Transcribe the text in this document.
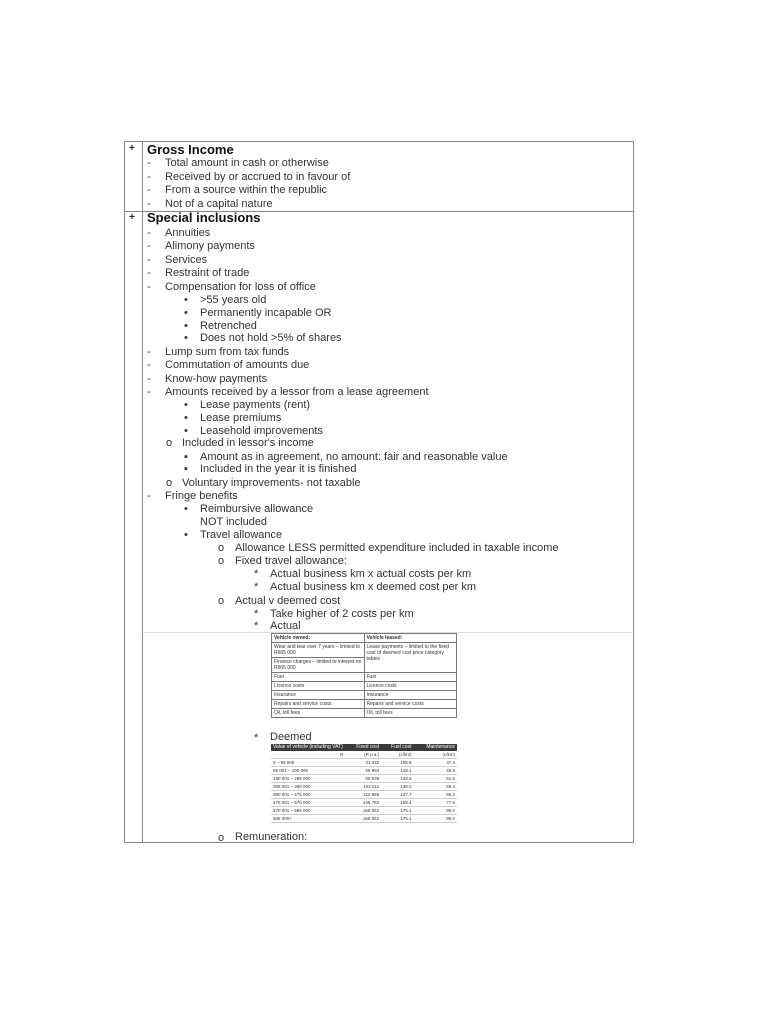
+
+
Gross Income
- Total amount in cash or otherwise
- Received by or accrued to in favour of
- From a source within the republic
- Not of a capital nature
Special inclusions
- Annuities
- Alimony payments
- Services
- Restraint of trade
- Compensation for loss of office
• >55 years old
• Permanently incapable OR
• Retrenched
• Does not hold >5% of shares
- Lump sum from tax funds
- Commutation of amounts due
- Know-how payments
- Amounts received by a lessor from a lease agreement
• Lease payments (rent)
• Lease premiums
• Leasehold improvements
o Included in lessor's income
▪ Amount as in agreement, no amount: fair and reasonable value
▪ Included in the year it is finished
o Voluntary improvements- not taxable
- Fringe benefits
• Reimbursive allowance
NOT included
• Travel allowance
o Allowance LESS permitted expenditure included in taxable income
o Fixed travel allowance:
* Actual business km x actual costs per km
* Actual business km x deemed cost per km
o Actual v deemed cost
* Take higher of 2 costs per km
* Actual
Vehicle owned:	Vehicle leased:
Wear and tear over 7 years – limited to R665 000	Lease payments – limited to the fixed cost of deemed cost price category tables
Finance charges – limited to interest on R665 000	
Fuel	Fuel
Licence costs	Licence costs
Insurance	Insurance
Repairs and service costs	Repairs and service costs
Oil, toll fees	Oil, toll fees
* Deemed
Value of vehicle (including VAT)	Fixed cost	Fuel cost	Maintenance
R	(R p.a.)	(c/km)	(c/km)
0 – 95 000	31 332	105.8	37.4
95 001 – 190 000	55 894	118.1	46.8
190 001 – 285 000	80 539	128.3	51.6
285 001 – 380 000	102 211	138.0	56.4
380 001 – 475 000	122 885	147.7	66.2
475 001 – 570 000	145 763	169.4	77.6
570 001 – 665 000	168 552	175.1	96.0
665 000+	168 552	175.1	96.0
o Remuneration:
